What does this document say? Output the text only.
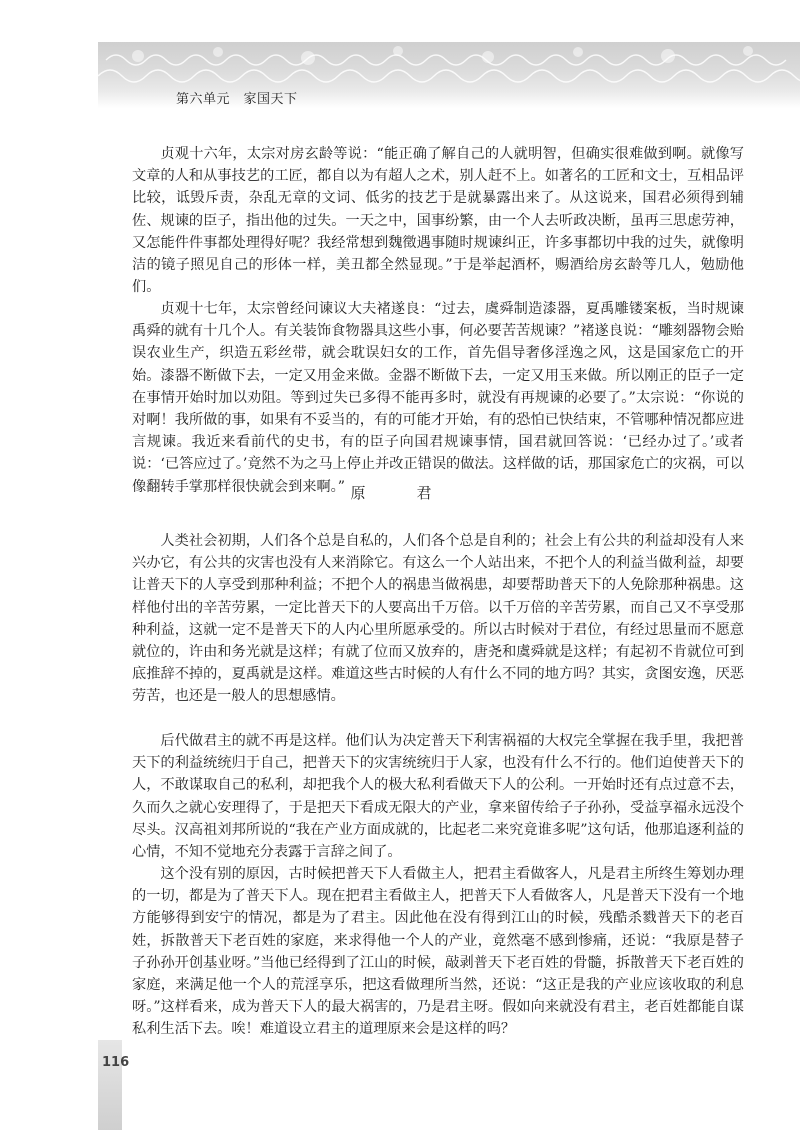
第六单元　家国天下

贞观十六年，太宗对房玄龄等说：“能正确了解自己的人就明智，但确实很难做到啊。就像写文章的人和从事技艺的工匠，都自以为有超人之术，别人赶不上。如著名的工匠和文士，互相品评比较，诋毁斥责，杂乱无章的文词、低劣的技艺于是就暴露出来了。从这说来，国君必须得到辅佐、规谏的臣子，指出他的过失。一天之中，国事纷繁，由一个人去听政决断，虽再三思虑劳神，又怎能件件事都处理得好呢？我经常想到魏徵遇事随时规谏纠正，许多事都切中我的过失，就像明洁的镜子照见自己的形体一样，美丑都全然显现。”于是举起酒杯，赐酒给房玄龄等几人，勉励他们。

贞观十七年，太宗曾经问谏议大夫褚遂良：“过去，虞舜制造漆器，夏禹雕镂案板，当时规谏禹舜的就有十几个人。有关装饰食物器具这些小事，何必要苦苦规谏？”褚遂良说：“雕刻器物会贻误农业生产，织造五彩丝带，就会耽误妇女的工作，首先倡导奢侈淫逸之风，这是国家危亡的开始。漆器不断做下去，一定又用金来做。金器不断做下去，一定又用玉来做。所以刚正的臣子一定在事情开始时加以劝阻。等到过失已多得不能再多时，就没有再规谏的必要了。”太宗说：“你说的对啊！我所做的事，如果有不妥当的，有的可能才开始，有的恐怕已快结束，不管哪种情况都应进言规谏。我近来看前代的史书，有的臣子向国君规谏事情，国君就回答说：‘已经办过了。’或者说：‘已答应过了。’竟然不为之马上停止并改正错误的做法。这样做的话，那国家危亡的灾祸，可以像翻转手掌那样很快就会到来啊。” 原　君

人类社会初期，人们各个总是自私的，人们各个总是自利的；社会上有公共的利益却没有人来兴办它，有公共的灾害也没有人来消除它。有这么一个人站出来，不把个人的利益当做利益，却要让普天下的人享受到那种利益；不把个人的祸患当做祸患，却要帮助普天下的人免除那种祸患。这样他付出的辛苦劳累，一定比普天下的人要高出千万倍。以千万倍的辛苦劳累，而自己又不享受那种利益，这就一定不是普天下的人内心里所愿承受的。所以古时候对于君位，有经过思量而不愿意就位的，许由和务光就是这样；有就了位而又放弃的，唐尧和虞舜就是这样；有起初不肯就位可到底推辞不掉的，夏禹就是这样。难道这些古时候的人有什么不同的地方吗？其实，贪图安逸，厌恶劳苦，也还是一般人的思想感情。

后代做君主的就不再是这样。他们认为决定普天下利害祸福的大权完全掌握在我手里，我把普天下的利益统统归于自己，把普天下的灾害统统归于人家，也没有什么不行的。他们迫使普天下的人，不敢谋取自己的私利，却把我个人的极大私利看做天下人的公利。一开始时还有点过意不去，久而久之就心安理得了，于是把天下看成无限大的产业，拿来留传给子子孙孙，受益享福永远没个尽头。汉高祖刘邦所说的“我在产业方面成就的，比起老二来究竟谁多呢”这句话，他那追逐利益的心情，不知不觉地充分表露于言辞之间了。

这个没有别的原因，古时候把普天下人看做主人，把君主看做客人，凡是君主所终生筹划办理的一切，都是为了普天下人。现在把君主看做主人，把普天下人看做客人，凡是普天下没有一个地方能够得到安宁的情况，都是为了君主。因此他在没有得到江山的时候，残酷杀戮普天下的老百姓，拆散普天下老百姓的家庭，来求得他一个人的产业，竟然毫不感到惨痛，还说：“我原是替子子孙孙开创基业呀。”当他已经得到了江山的时候，敲剥普天下老百姓的骨髓，拆散普天下老百姓的家庭，来满足他一个人的荒淫享乐，把这看做理所当然，还说：“这正是我的产业应该收取的利息呀。”这样看来，成为普天下人的最大祸害的，乃是君主呀。假如向来就没有君主，老百姓都能自谋私利生活下去。唉！难道设立君主的道理原来会是这样的吗？

116
